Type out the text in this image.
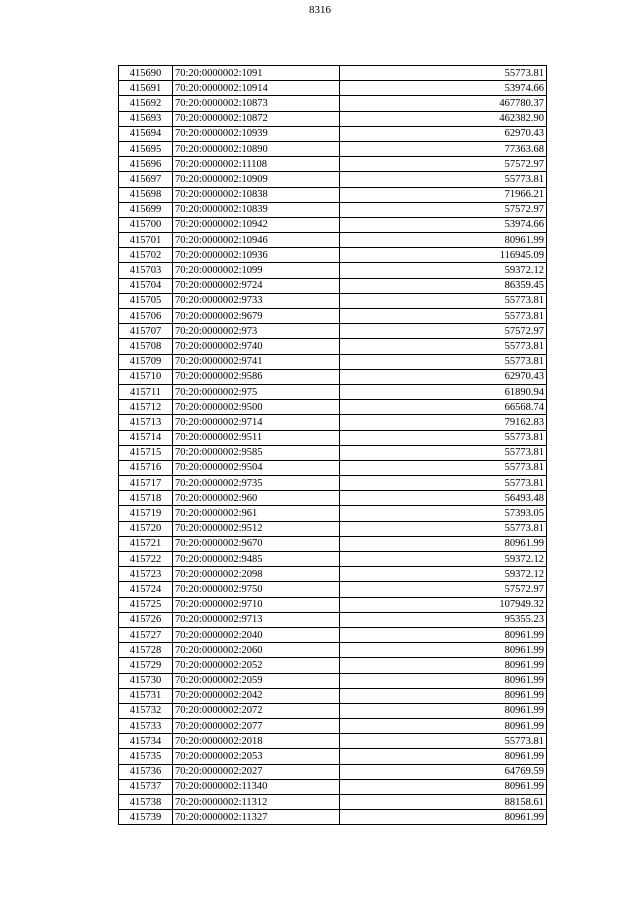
8316
415690	70:20:0000002:1091	55773.81
415691	70:20:0000002:10914	53974.66
415692	70:20:0000002:10873	467780.37
415693	70:20:0000002:10872	462382.90
415694	70:20:0000002:10939	62970.43
415695	70:20:0000002:10890	77363.68
415696	70:20:0000002:11108	57572.97
415697	70:20:0000002:10909	55773.81
415698	70:20:0000002:10838	71966.21
415699	70:20:0000002:10839	57572.97
415700	70:20:0000002:10942	53974.66
415701	70:20:0000002:10946	80961.99
415702	70:20:0000002:10936	116945.09
415703	70:20:0000002:1099	59372.12
415704	70:20:0000002:9724	86359.45
415705	70:20:0000002:9733	55773.81
415706	70:20:0000002:9679	55773.81
415707	70:20:0000002:973	57572.97
415708	70:20:0000002:9740	55773.81
415709	70:20:0000002:9741	55773.81
415710	70:20:0000002:9586	62970.43
415711	70:20:0000002:975	61890.94
415712	70:20:0000002:9500	66568.74
415713	70:20:0000002:9714	79162.83
415714	70:20:0000002:9511	55773.81
415715	70:20:0000002:9585	55773.81
415716	70:20:0000002:9504	55773.81
415717	70:20:0000002:9735	55773.81
415718	70:20:0000002:960	56493.48
415719	70:20:0000002:961	57393.05
415720	70:20:0000002:9512	55773.81
415721	70:20:0000002:9670	80961.99
415722	70:20:0000002:9485	59372.12
415723	70:20:0000002:2098	59372.12
415724	70:20:0000002:9750	57572.97
415725	70:20:0000002:9710	107949.32
415726	70:20:0000002:9713	95355.23
415727	70:20:0000002:2040	80961.99
415728	70:20:0000002:2060	80961.99
415729	70:20:0000002:2052	80961.99
415730	70:20:0000002:2059	80961.99
415731	70:20:0000002:2042	80961.99
415732	70:20:0000002:2072	80961.99
415733	70:20:0000002:2077	80961.99
415734	70:20:0000002:2018	55773.81
415735	70:20:0000002:2053	80961.99
415736	70:20:0000002:2027	64769.59
415737	70:20:0000002:11340	80961.99
415738	70:20:0000002:11312	88158.61
415739	70:20:0000002:11327	80961.99
